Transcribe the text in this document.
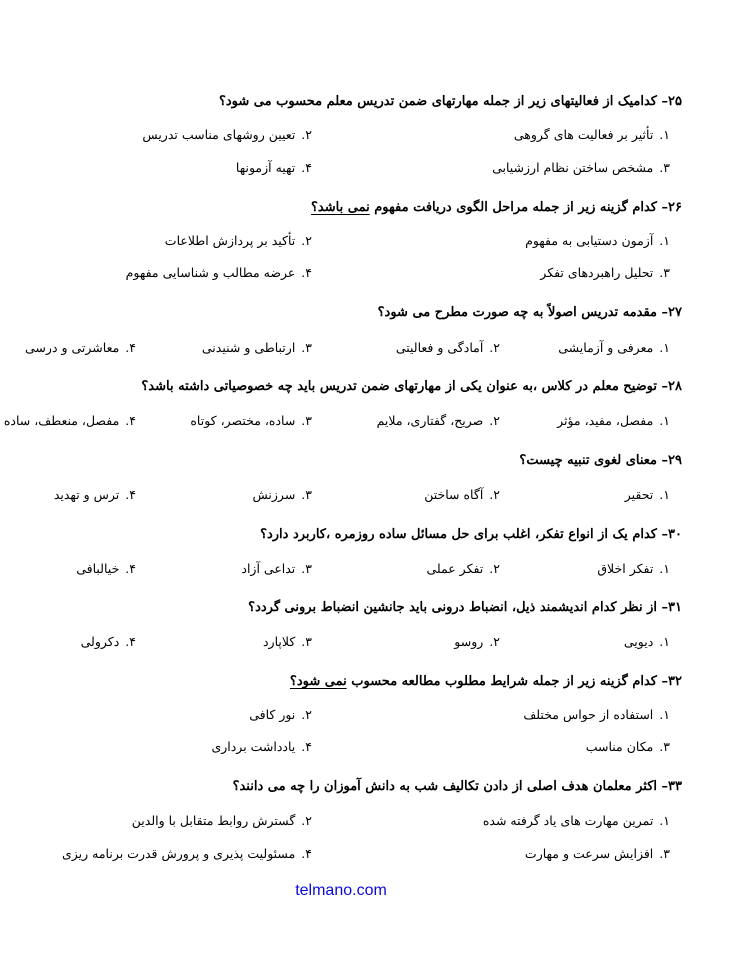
۲۵– کدامیک از فعالیتهای زیر از جمله مهارتهای ضمن تدریس معلم محسوب می شود؟
۱.تأثیر بر فعالیت های گروهی
۲.تعیین روشهای مناسب تدریس
۳.مشخص ساختن نظام ارزشیابی
۴.تهیه آزمونها
۲۶– کدام گزینه زیر از جمله مراحل الگوی دریافت مفهوم نمی باشد؟
۱.آزمون دستیابی به مفهوم
۲.تأکید بر پردازش اطلاعات
۳.تحلیل راهبردهای تفکر
۴.عرضه مطالب و شناسایی مفهوم
۲۷– مقدمه تدریس اصولاً به چه صورت مطرح می شود؟
۱.معرفی و آزمایشی
۲.آمادگی و فعالیتی
۳.ارتباطی و شنیدنی
۴.معاشرتی و درسی
۲۸– توضیح معلم در کلاس ،به عنوان یکی از مهارتهای ضمن تدریس باید چه خصوصیاتی داشته باشد؟
۱.مفصل، مفید، مؤثر
۲.صریح، گفتاری، ملایم
۳.ساده، مختصر، کوتاه
۴.مفصل، منعطف، ساده
۲۹– معنای لغوی تنبیه چیست؟
۱.تحقیر
۲.آگاه ساختن
۳.سرزنش
۴.ترس و تهدید
۳۰– کدام یک از انواع تفکر، اغلب برای حل مسائل ساده روزمره ،کاربرد دارد؟
۱.تفکر اخلاق
۲.تفکر عملی
۳.تداعی آزاد
۴.خیالبافی
۳۱– از نظر کدام اندیشمند ذیل، انضباط درونی باید جانشین انضباط برونی گردد؟
۱.دیویی
۲.روسو
۳.کلاپارد
۴.دکرولی
۳۲– کدام گزینه زیر از جمله شرایط مطلوب مطالعه محسوب نمی شود؟
۱.استفاده از حواس مختلف
۲.نور کافی
۳.مکان مناسب
۴.یادداشت برداری
۳۳– اکثر معلمان هدف اصلی از دادن تکالیف شب به دانش آموزان را چه می دانند؟
۱.تمرین مهارت های یاد گرفته شده
۲.گسترش روابط متقابل با والدین
۳.افزایش سرعت و مهارت
۴.مسئولیت پذیری و پرورش قدرت برنامه ریزی
telmano.com
